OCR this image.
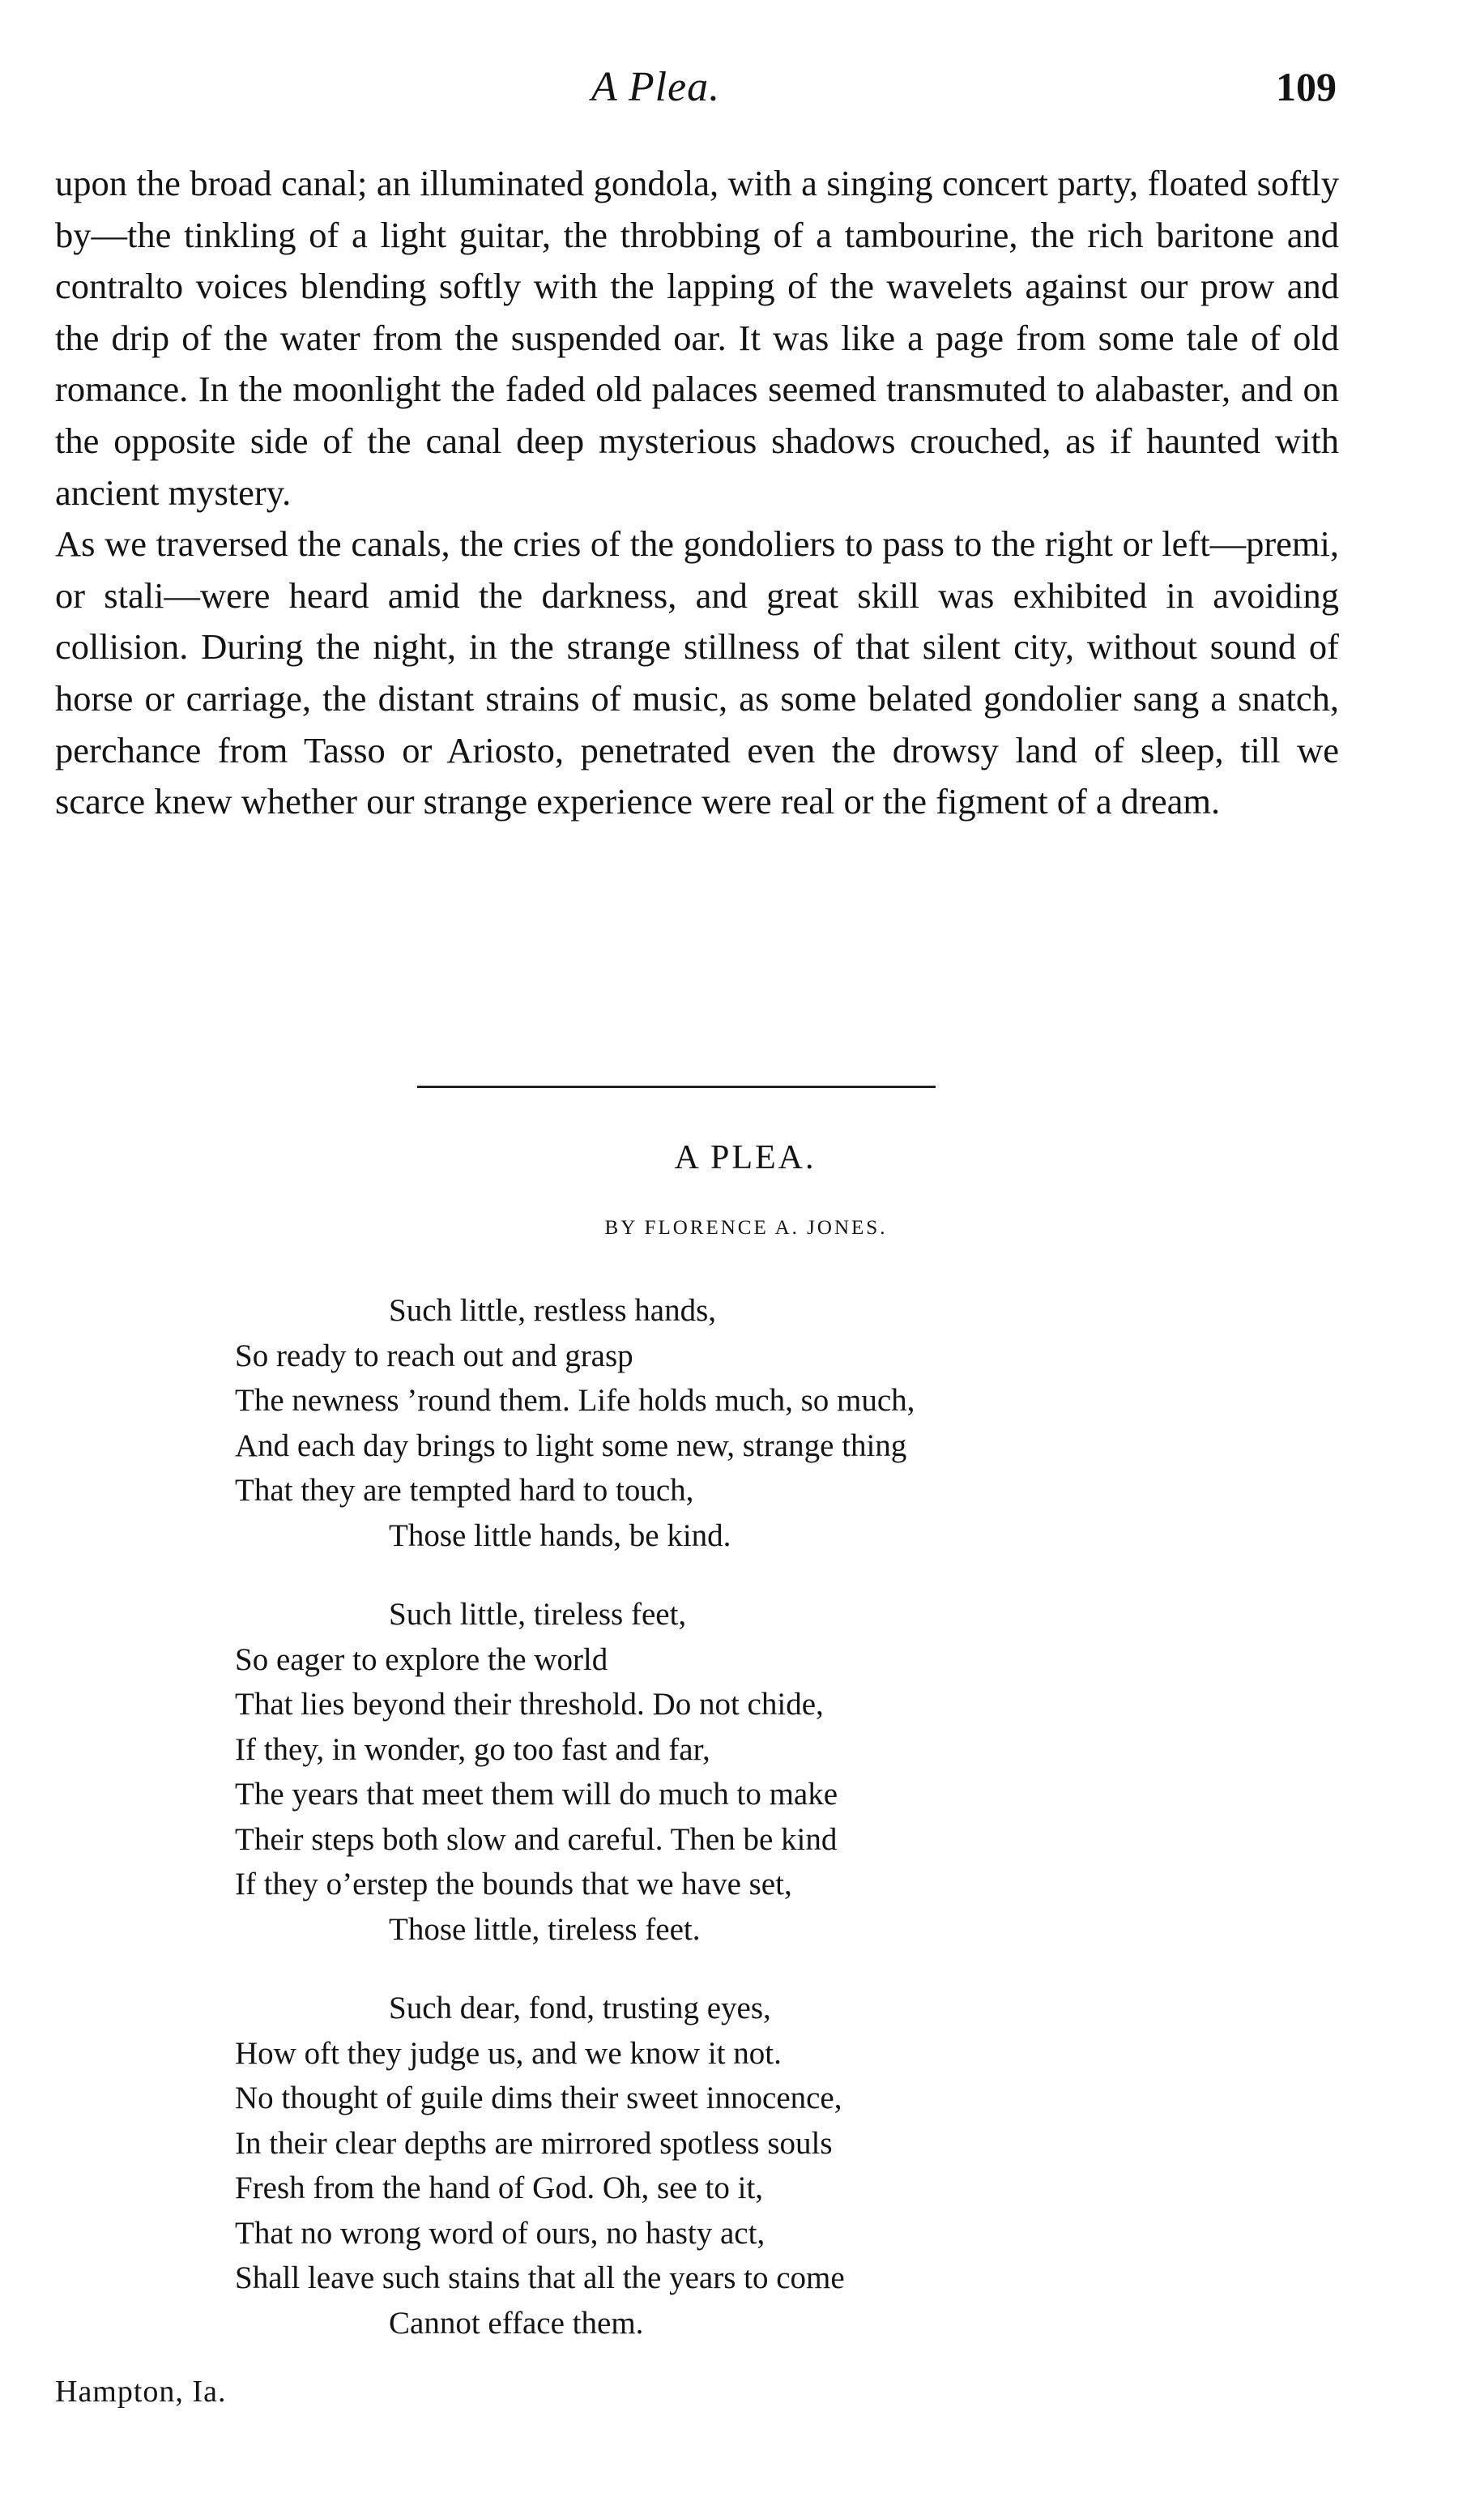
A Plea.	109

upon the broad canal; an illuminated gondola, with a singing concert party, floated softly by—the tinkling of a light guitar, the throbbing of a tambourine, the rich baritone and contralto voices blending softly with the lapping of the wavelets against our prow and the drip of the water from the suspended oar. It was like a page from some tale of old romance. In the moonlight the faded old palaces seemed transmuted to alabaster, and on the opposite side of the canal deep mysterious shadows crouched, as if haunted with ancient mystery.

As we traversed the canals, the cries of the gondoliers to pass to the right or left—premi, or stali—were heard amid the darkness, and great skill was exhibited in avoiding collision. During the night, in the strange stillness of that silent city, without sound of horse or carriage, the distant strains of music, as some belated gondolier sang a snatch, perchance from Tasso or Ariosto, penetrated even the drowsy land of sleep, till we scarce knew whether our strange experience were real or the figment of a dream.

A PLEA.
BY FLORENCE A. JONES.
Such little, restless hands,
So ready to reach out and grasp
The newness ’round them. Life holds much, so much,
And each day brings to light some new, strange thing
That they are tempted hard to touch,
Those little hands, be kind.
Such little, tireless feet,
So eager to explore the world
That lies beyond their threshold. Do not chide,
If they, in wonder, go too fast and far,
The years that meet them will do much to make
Their steps both slow and careful. Then be kind
If they o’erstep the bounds that we have set,
Those little, tireless feet.
Such dear, fond, trusting eyes,
How oft they judge us, and we know it not.
No thought of guile dims their sweet innocence,
In their clear depths are mirrored spotless souls
Fresh from the hand of God. Oh, see to it,
That no wrong word of ours, no hasty act,
Shall leave such stains that all the years to come
Cannot efface them.
Hampton, Ia.
